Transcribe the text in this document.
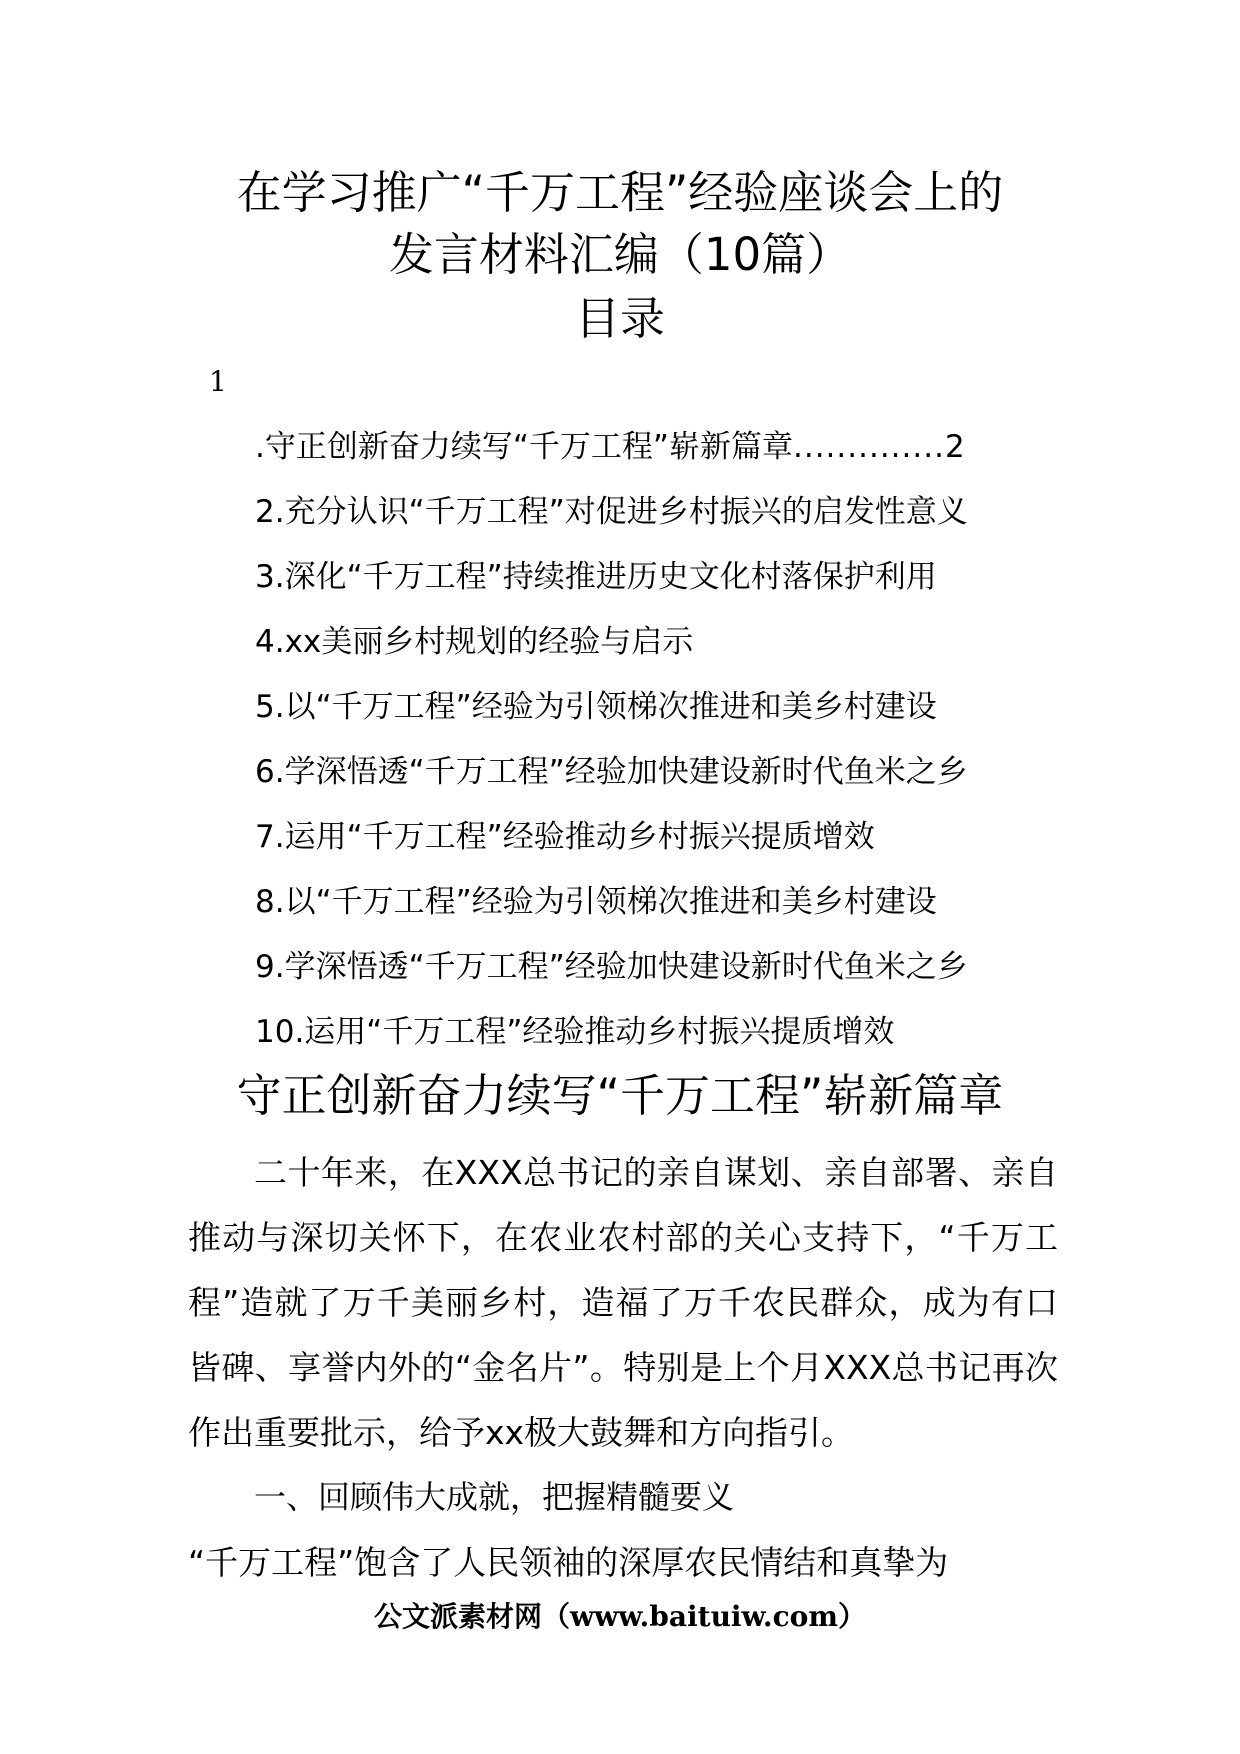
在学习推广“千万工程”经验座谈会上的
发言材料汇编（10篇）
目录
1
.守正创新奋力续写“千万工程”崭新篇章..............2
2.充分认识“千万工程”对促进乡村振兴的启发性意义
3.深化“千万工程”持续推进历史文化村落保护利用
4.xx美丽乡村规划的经验与启示
5.以“千万工程”经验为引领梯次推进和美乡村建设
6.学深悟透“千万工程”经验加快建设新时代鱼米之乡
7.运用“千万工程”经验推动乡村振兴提质增效
8.以“千万工程”经验为引领梯次推进和美乡村建设
9.学深悟透“千万工程”经验加快建设新时代鱼米之乡
10.运用“千万工程”经验推动乡村振兴提质增效
守正创新奋力续写“千万工程”崭新篇章

二十年来，在XXX总书记的亲自谋划、亲自部署、亲自推动与深切关怀下，在农业农村部的关心支持下，“千万工程”造就了万千美丽乡村，造福了万千农民群众，成为有口皆碑、享誉内外的“金名片”。特别是上个月XXX总书记再次作出重要批示，给予xx极大鼓舞和方向指引。

一、回顾伟大成就，把握精髓要义

“千万工程”饱含了人民领袖的深厚农民情结和真挚为

公文派素材网（www.baituiw.com）
